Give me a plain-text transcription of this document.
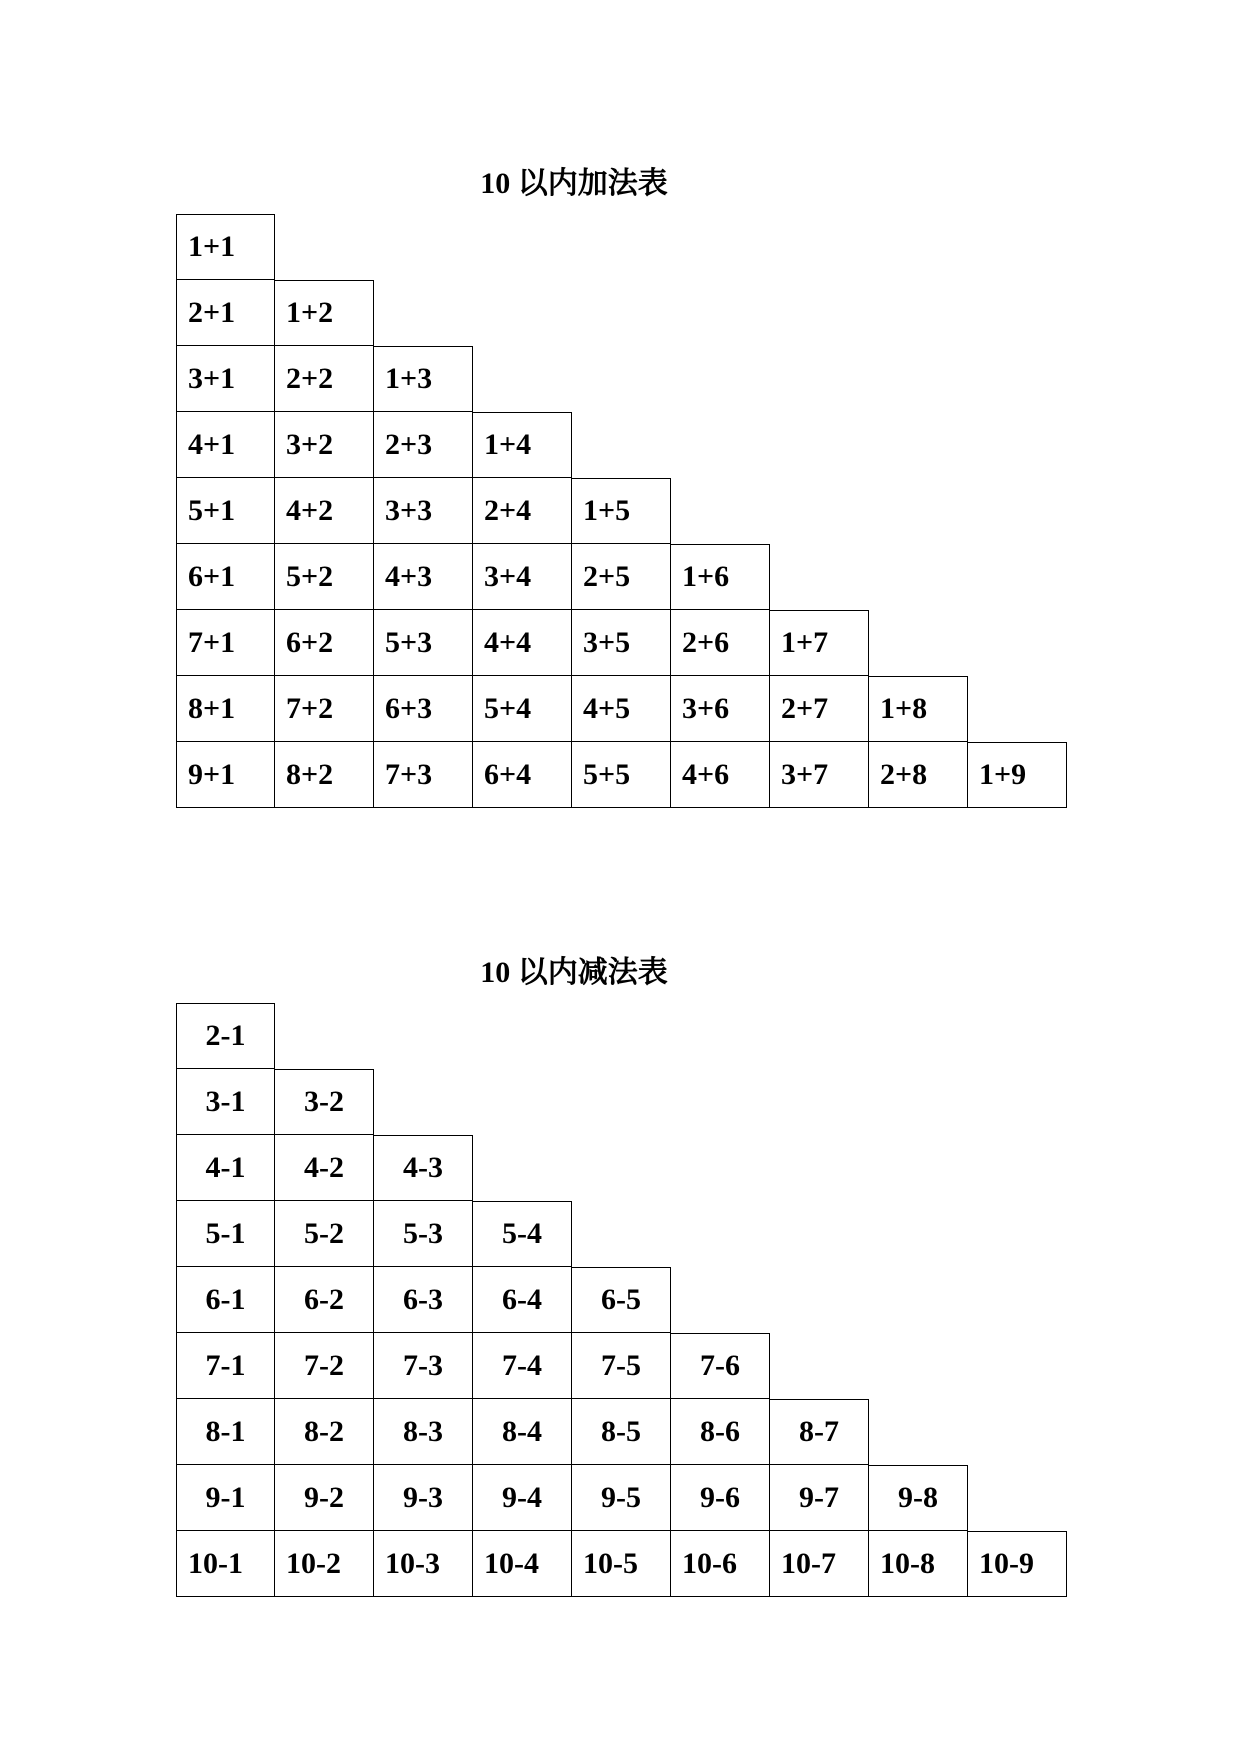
10 以内加法表
1+1
2+1	1+2
3+1	2+2	1+3
4+1	3+2	2+3	1+4
5+1	4+2	3+3	2+4	1+5
6+1	5+2	4+3	3+4	2+5	1+6
7+1	6+2	5+3	4+4	3+5	2+6	1+7
8+1	7+2	6+3	5+4	4+5	3+6	2+7	1+8
9+1	8+2	7+3	6+4	5+5	4+6	3+7	2+8	1+9
10 以内减法表
2-1
3-1	3-2
4-1	4-2	4-3
5-1	5-2	5-3	5-4
6-1	6-2	6-3	6-4	6-5
7-1	7-2	7-3	7-4	7-5	7-6
8-1	8-2	8-3	8-4	8-5	8-6	8-7
9-1	9-2	9-3	9-4	9-5	9-6	9-7	9-8
10-1	10-2	10-3	10-4	10-5	10-6	10-7	10-8	10-9
